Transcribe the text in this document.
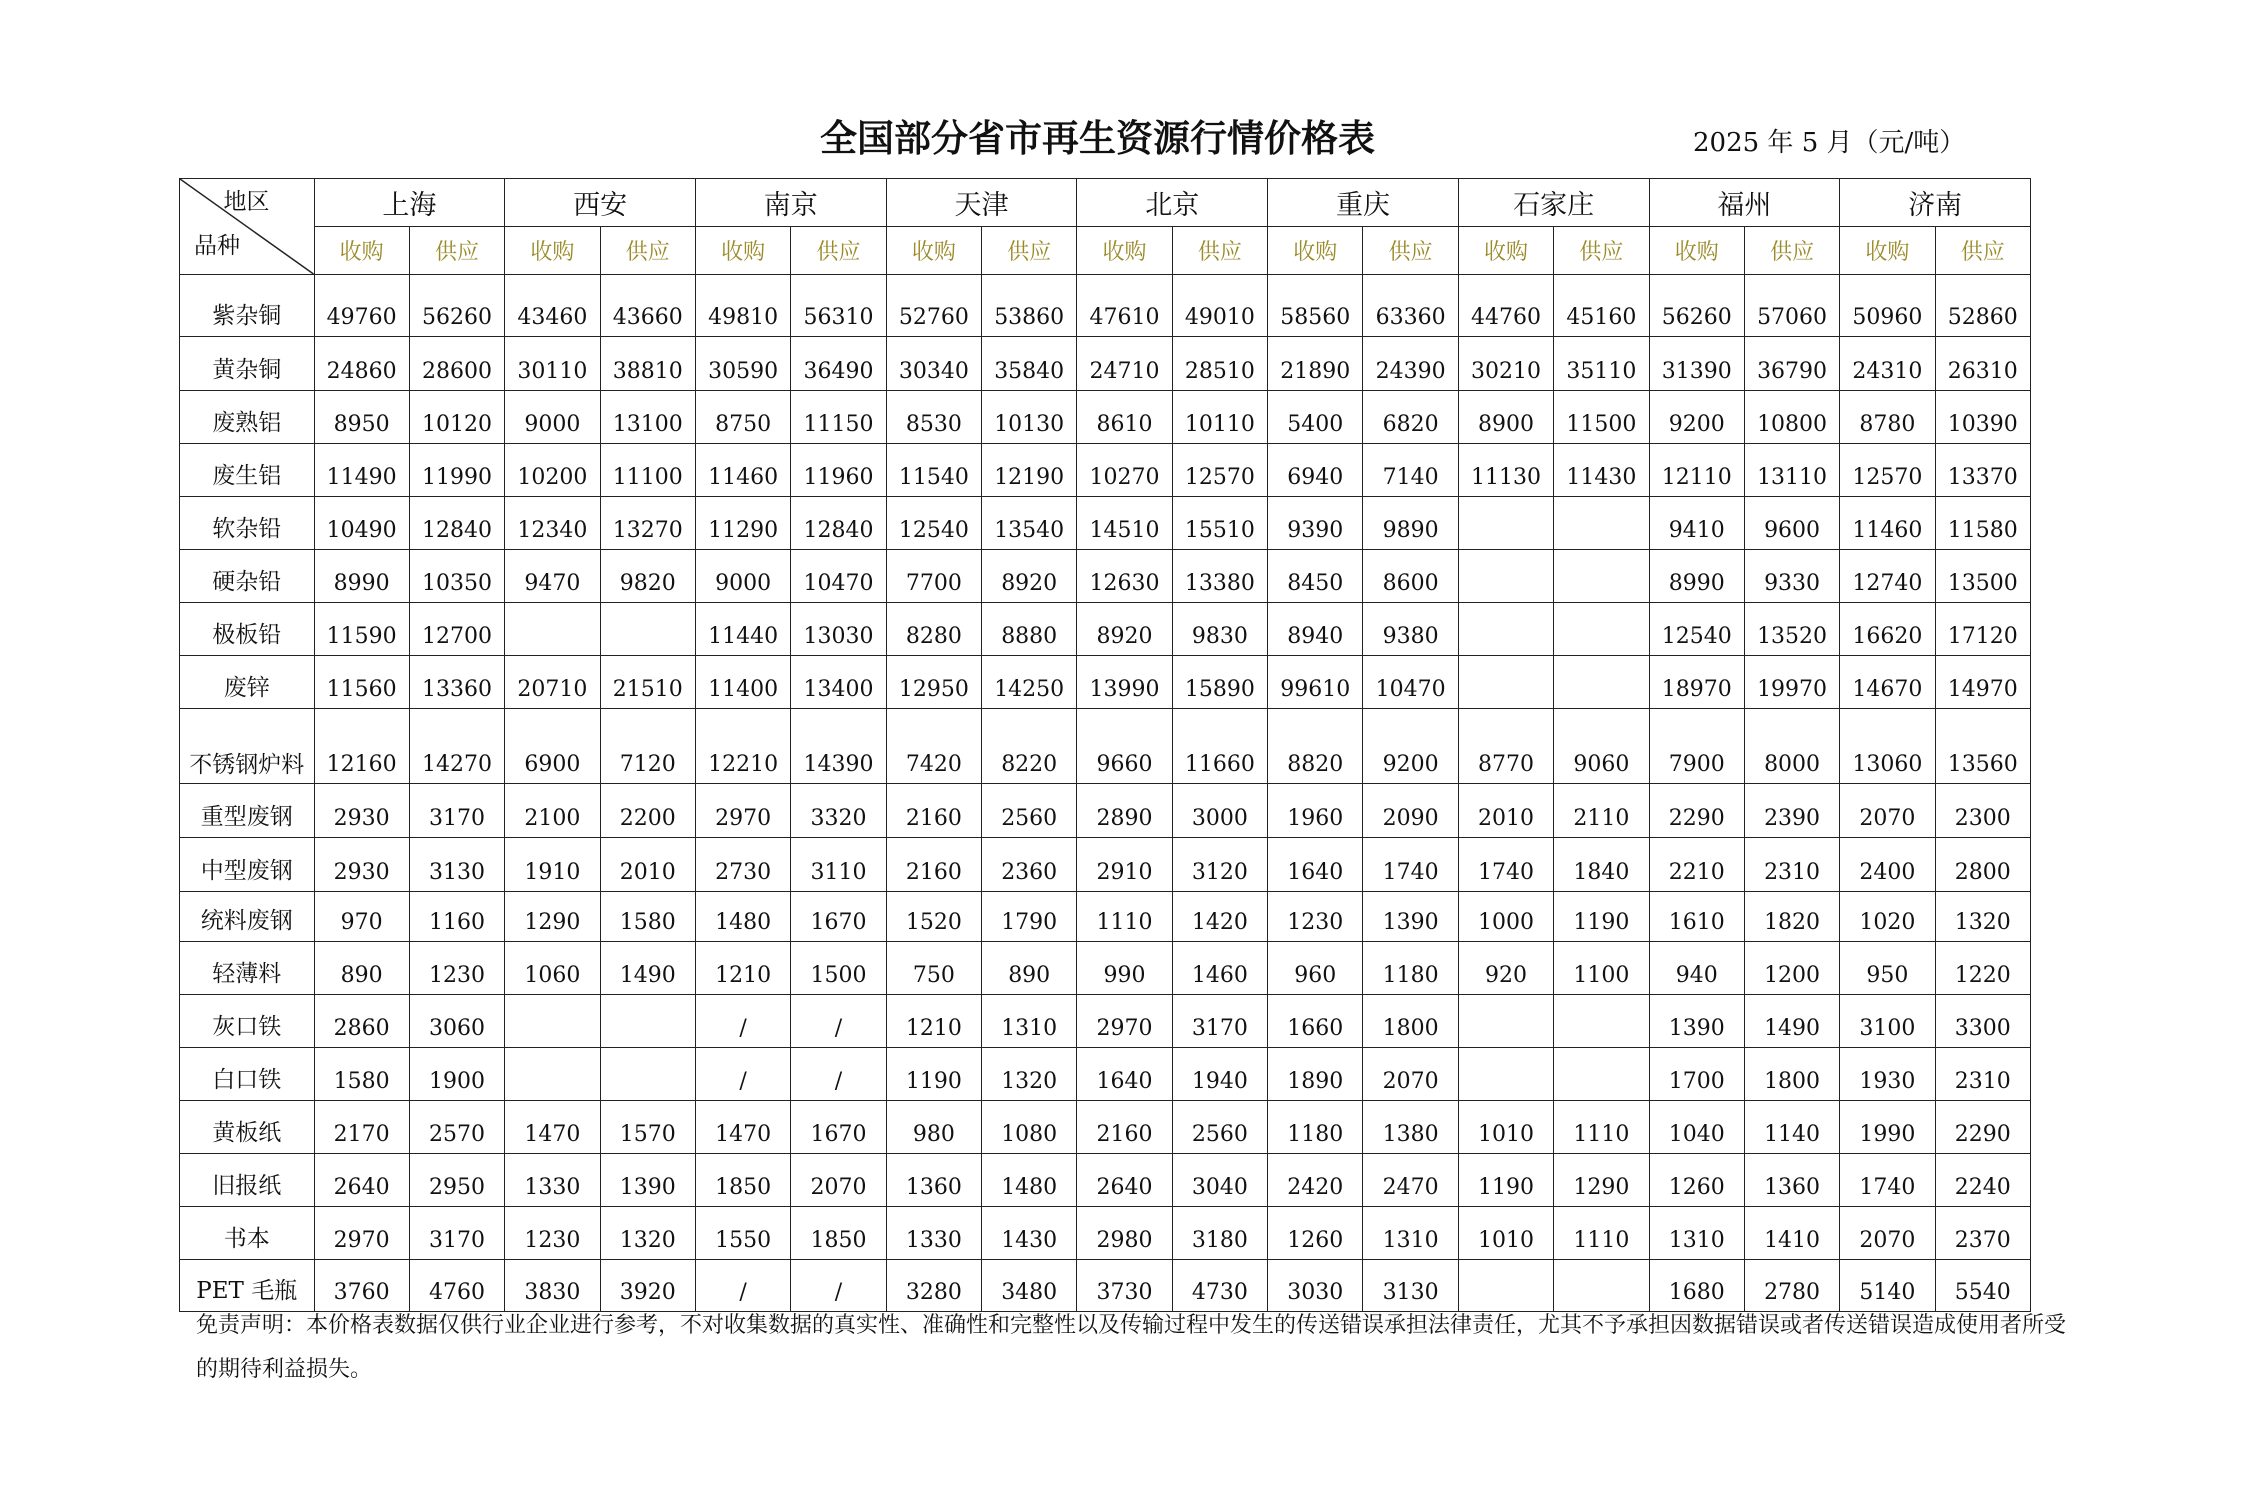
全国部分省市再生资源行情价格表	2025 年 5 月（元/吨）
地区
品种	上海		西安		南京		天津		北京		重庆		石家庄		福州		济南	
	收购	供应	收购	供应	收购	供应	收购	供应	收购	供应	收购	供应	收购	供应	收购	供应	收购	供应
紫杂铜	49760	56260	43460	43660	49810	56310	52760	53860	47610	49010	58560	63360	44760	45160	56260	57060	50960	52860
黄杂铜	24860	28600	30110	38810	30590	36490	30340	35840	24710	28510	21890	24390	30210	35110	31390	36790	24310	26310
废熟铝	8950	10120	9000	13100	8750	11150	8530	10130	8610	10110	5400	6820	8900	11500	9200	10800	8780	10390
废生铝	11490	11990	10200	11100	11460	11960	11540	12190	10270	12570	6940	7140	11130	11430	12110	13110	12570	13370
软杂铅	10490	12840	12340	13270	11290	12840	12540	13540	14510	15510	9390	9890			9410	9600	11460	11580
硬杂铅	8990	10350	9470	9820	9000	10470	7700	8920	12630	13380	8450	8600			8990	9330	12740	13500
极板铅	11590	12700			11440	13030	8280	8880	8920	9830	8940	9380			12540	13520	16620	17120
废锌	11560	13360	20710	21510	11400	13400	12950	14250	13990	15890	99610	10470			18970	19970	14670	14970
不锈钢炉料	12160	14270	6900	7120	12210	14390	7420	8220	9660	11660	8820	9200	8770	9060	7900	8000	13060	13560
重型废钢	2930	3170	2100	2200	2970	3320	2160	2560	2890	3000	1960	2090	2010	2110	2290	2390	2070	2300
中型废钢	2930	3130	1910	2010	2730	3110	2160	2360	2910	3120	1640	1740	1740	1840	2210	2310	2400	2800
统料废钢	970	1160	1290	1580	1480	1670	1520	1790	1110	1420	1230	1390	1000	1190	1610	1820	1020	1320
轻薄料	890	1230	1060	1490	1210	1500	750	890	990	1460	960	1180	920	1100	940	1200	950	1220
灰口铁	2860	3060			/	/	1210	1310	2970	3170	1660	1800			1390	1490	3100	3300
白口铁	1580	1900			/	/	1190	1320	1640	1940	1890	2070			1700	1800	1930	2310
黄板纸	2170	2570	1470	1570	1470	1670	980	1080	2160	2560	1180	1380	1010	1110	1040	1140	1990	2290
旧报纸	2640	2950	1330	1390	1850	2070	1360	1480	2640	3040	2420	2470	1190	1290	1260	1360	1740	2240
书本	2970	3170	1230	1320	1550	1850	1330	1430	2980	3180	1260	1310	1010	1110	1310	1410	2070	2370
PET 毛瓶	3760	4760	3830	3920	/	/	3280	3480	3730	4730	3030	3130			1680	2780	5140	5540
免责声明：本价格表数据仅供行业企业进行参考，不对收集数据的真实性、准确性和完整性以及传输过程中发生的传送错误承担法律责任，尤其不予承担因数据错误或者传送错误造成使用者所受的期待利益损失。
